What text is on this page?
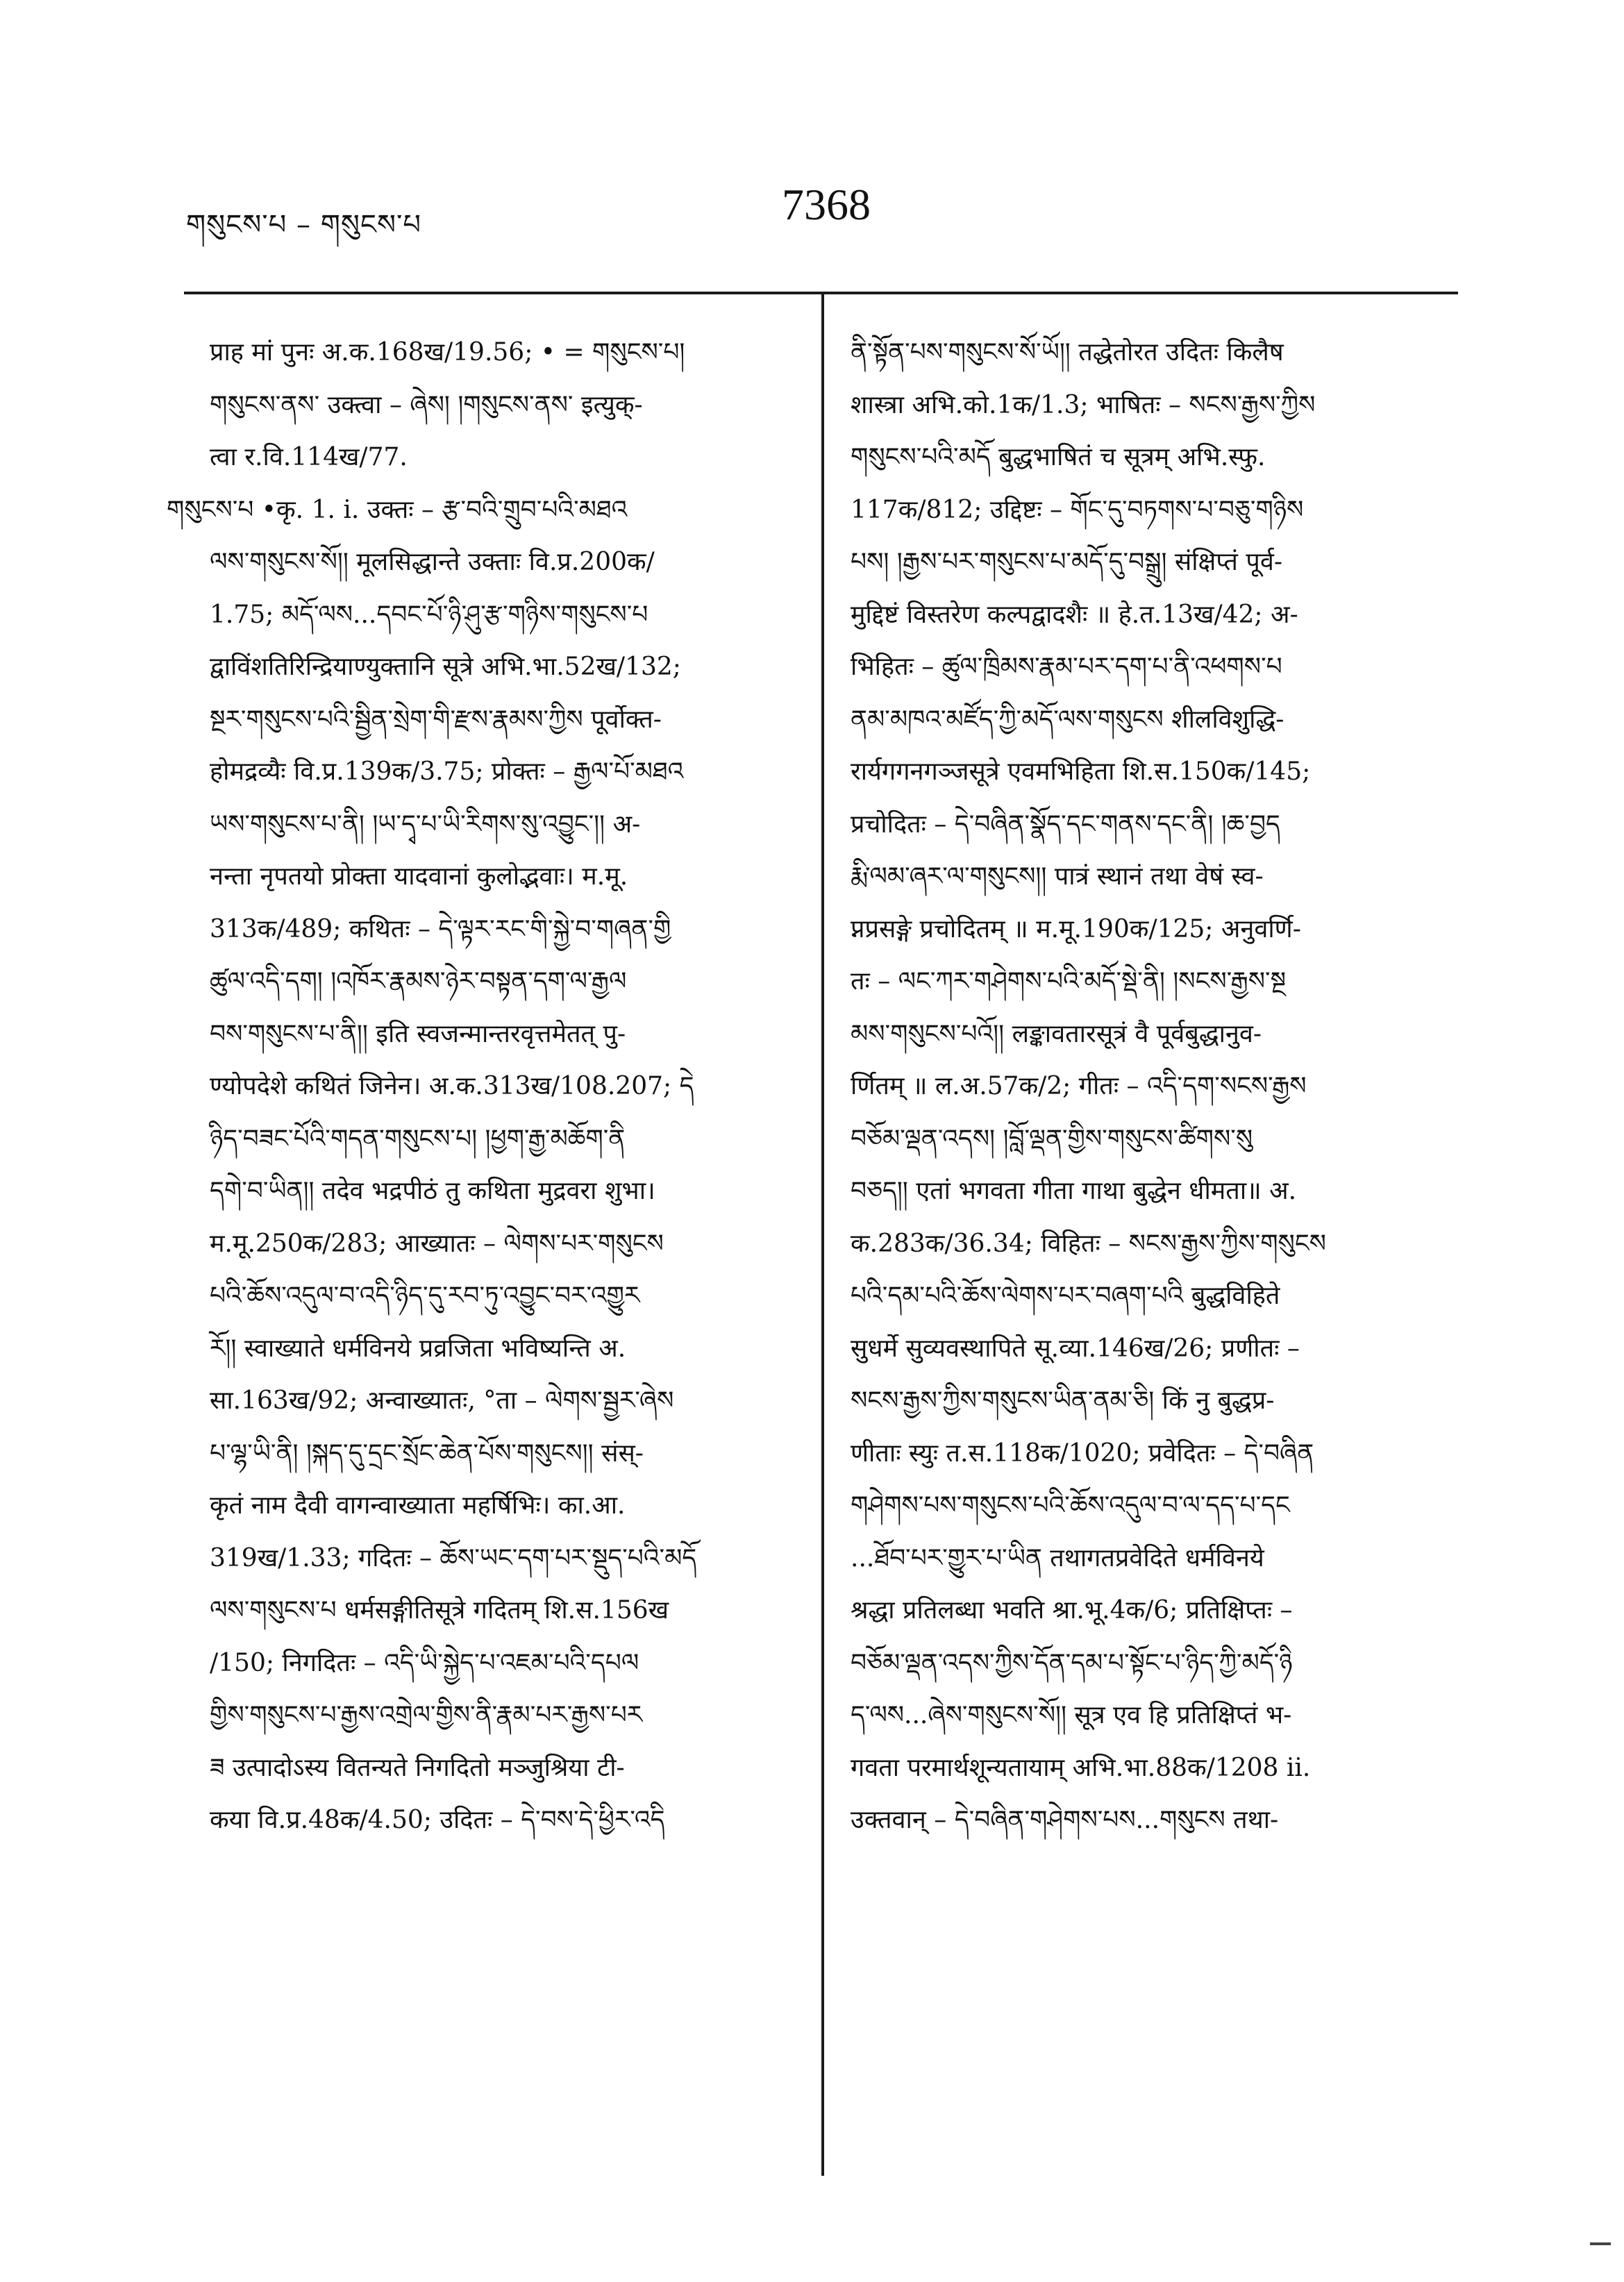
གསུངས་པ – གསུངས་པ	7368
प्राह मां पुनः अ.क.168ख/19.56; • = གསུངས་པ།
གསུངས་ནས་ उक्त्वा – ཞེས། །གསུངས་ནས་ इत्युक्-
त्वा र.वि.114ख/77.
གསུངས་པ •कृ. 1. i. उक्तः – རྩ་བའི་གྲུབ་པའི་མཐའ
ལས་གསུངས་སོ།། मूलसिद्धान्ते उक्ताः वि.प्र.200क/
1.75; མདོ་ལས...དབང་པོ་ཉི་ཤུ་རྩ་གཉིས་གསུངས་པ
द्वाविंशतिरिन्द्रियाण्युक्तानि सूत्रे अभि.भा.52ख/132;
སྔར་གསུངས་པའི་སྦྱིན་སྲེག་གི་རྫས་རྣམས་ཀྱིས पूर्वोक्त-
होमद्रव्यैः वि.प्र.139क/3.75; प्रोक्तः – རྒྱལ་པོ་མཐའ
ཡས་གསུངས་པ་ནི། །ཡ་དྭ་པ་ཡི་རིགས་སུ་འབྱུང་།། अ-
नन्ता नृपतयो प्रोक्ता यादवानां कुलोद्भवाः। म.मू.
313क/489; कथितः – དེ་ལྟར་རང་གི་སྐྱེ་བ་གཞན་གྱི
ཚུལ་འདི་དག། །འཁོར་རྣམས་ཉེར་བསྟན་དག་ལ་རྒྱལ
བས་གསུངས་པ་ནི།། इति स्वजन्मान्तरवृत्तमेतत् पु-
ण्योपदेशे कथितं जिनेन। अ.क.313ख/108.207; དེ
ཉིད་བཟང་པོའི་གདན་གསུངས་པ། །ཕྱག་རྒྱ་མཆོག་ནི
དགེ་བ་ཡིན།། तदेव भद्रपीठं तु कथिता मुद्रवरा शुभा।
म.मू.250क/283; आख्यातः – ལེགས་པར་གསུངས
པའི་ཆོས་འདུལ་བ་འདི་ཉིད་དུ་རབ་ཏུ་འབྱུང་བར་འགྱུར
རོ།། स्वाख्याते धर्मविनये प्रव्रजिता भविष्यन्ति अ.
सा.163ख/92; अन्वाख्यातः, °ता – ལེགས་སྦྱར་ཞེས
པ་ལྷ་ཡི་ནི། །སྐད་དུ་དྲང་སྲོང་ཆེན་པོས་གསུངས།། संस्-
कृतं नाम दैवी वागन्वाख्याता महर्षिभिः। का.आ.
319ख/1.33; गदितः – ཆོས་ཡང་དག་པར་སྡུད་པའི་མདོ
ལས་གསུངས་པ धर्मसङ्गीतिसूत्रे गदितम् शि.स.156ख
/150; निगदितः – འདི་ཡི་སྐྱེད་པ་འཇམ་པའི་དཔལ
གྱིས་གསུངས་པ་རྒྱས་འགྲེལ་གྱིས་ནི་རྣམ་པར་རྒྱས་པར
ཟ उत्पादोऽस्य वितन्यते निगदितो मञ्जुश्रिया टी-
कया वि.प्र.48क/4.50; उदितः – དེ་བས་དེ་ཕྱིར་འདི
ནི་སྟོན་པས་གསུངས་སོ་ཡོ།། तद्धेतोरत उदितः किलैष
शास्त्रा अभि.को.1क/1.3; भाषितः – སངས་རྒྱས་ཀྱིས
གསུངས་པའི་མདོ बुद्धभाषितं च सूत्रम् अभि.स्फु.
117क/812; उद्दिष्टः – གོང་དུ་བཏགས་པ་བཅུ་གཉིས
པས། །རྒྱས་པར་གསུངས་པ་མདོ་དུ་བསྒྲུ། संक्षिप्तं पूर्व-
मुद्दिष्टं विस्तरेण कल्पद्वादशैः ॥ हे.त.13ख/42; अ-
भिहितः – ཚུལ་ཁྲིམས་རྣམ་པར་དག་པ་ནི་འཕགས་པ
ནམ་མཁའ་མཛོད་ཀྱི་མདོ་ལས་གསུངས शीलविशुद्धि-
रार्यगगनगञ्जसूत्रे एवमभिहिता शि.स.150क/145;
प्रचोदितः – དེ་བཞིན་སྣོད་དང་གནས་དང་ནི། །ཆ་བྱད
རྨི་ལམ་ཞར་ལ་གསུངས།། पात्रं स्थानं तथा वेषं स्व-
प्नप्रसङ्गे प्रचोदितम् ॥ म.मू.190क/125; अनुवर्णि-
तः – ལང་ཀར་གཤེགས་པའི་མདོ་སྡེ་ནི། །སངས་རྒྱས་སྔ
མས་གསུངས་པའོ།། लङ्कावतारसूत्रं वै पूर्वबुद्धानुव-
र्णितम् ॥ ल.अ.57क/2; गीतः – འདི་དག་སངས་རྒྱས
བཅོམ་ལྡན་འདས། །བློ་ལྡན་གྱིས་གསུངས་ཚིགས་སུ
བཅད།། एतां भगवता गीता गाथा बुद्धेन धीमता॥ अ.
क.283क/36.34; विहितः – སངས་རྒྱས་ཀྱིས་གསུངས
པའི་དམ་པའི་ཆོས་ལེགས་པར་བཞག་པའི बुद्धविहिते
सुधर्मे सुव्यवस्थापिते सू.व्या.146ख/26; प्रणीतः –
སངས་རྒྱས་ཀྱིས་གསུངས་ཡིན་ནམ་ཅི། किं नु बुद्धप्र-
णीताः स्युः त.स.118क/1020; प्रवेदितः – དེ་བཞིན
གཤེགས་པས་གསུངས་པའི་ཆོས་འདུལ་བ་ལ་དད་པ་དང
...ཐོབ་པར་གྱུར་པ་ཡིན तथागतप्रवेदिते धर्मविनये
श्रद्धा प्रतिलब्धा भवति श्रा.भू.4क/6; प्रतिक्षिप्तः –
བཅོམ་ལྡན་འདས་ཀྱིས་དོན་དམ་པ་སྟོང་པ་ཉིད་ཀྱི་མདོ་ཉི
ད་ལས...ཞེས་གསུངས་སོ།། सूत्र एव हि प्रतिक्षिप्तं भ-
गवता परमार्थशून्यतायाम् अभि.भा.88क/1208 ii.
उक्तवान् – དེ་བཞིན་གཤེགས་པས...གསུངས तथा-
